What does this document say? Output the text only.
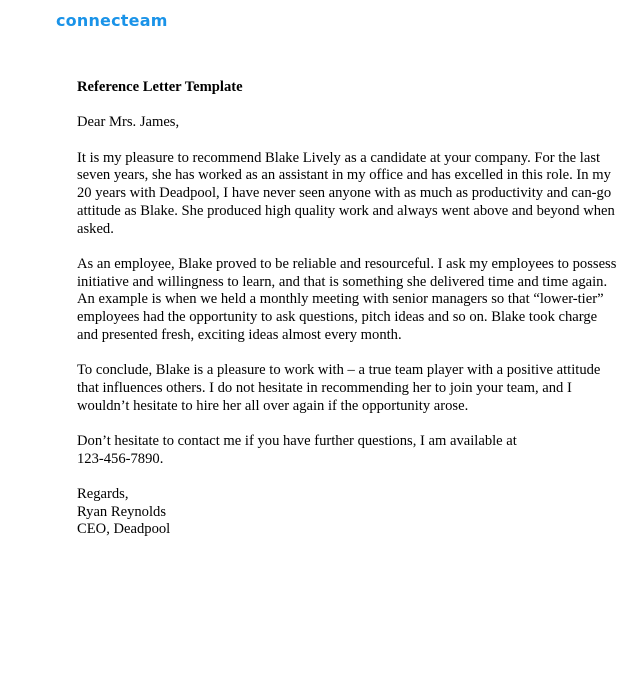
connecteam
Reference Letter Template
Dear Mrs. James,
It is my pleasure to recommend Blake Lively as a candidate at your company. For the last seven years, she has worked as an assistant in my office and has excelled in this role. In my 20 years with Deadpool, I have never seen anyone with as much as productivity and can-go attitude as Blake. She produced high quality work and always went above and beyond when asked.
As an employee, Blake proved to be reliable and resourceful. I ask my employees to possess initiative and willingness to learn, and that is something she delivered time and time again. An example is when we held a monthly meeting with senior managers so that “lower-tier” employees had the opportunity to ask questions, pitch ideas and so on. Blake took charge and presented fresh, exciting ideas almost every month.
To conclude, Blake is a pleasure to work with – a true team player with a positive attitude that influences others. I do not hesitate in recommending her to join your team, and I wouldn’t hesitate to hire her all over again if the opportunity arose.
Don’t hesitate to contact me if you have further questions, I am available at 123-456-7890.
Regards,
Ryan Reynolds
CEO, Deadpool
